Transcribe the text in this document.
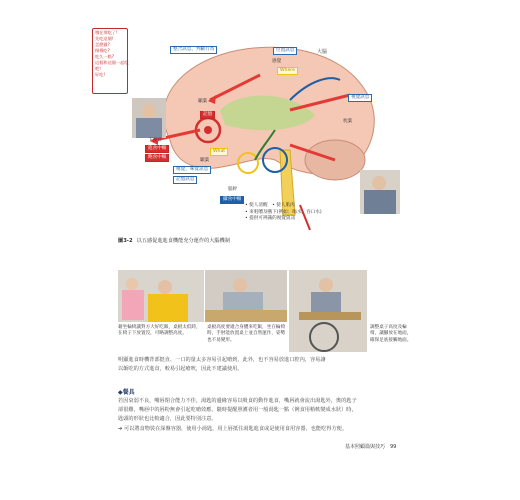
哦在那吃了!
先吃這個!
怎麼做?
慢慢吃?
吃久一點?
這個和這個一起吃
吧!
好吃!
整合訊息、判斷行為	位置訊息	大腦
Where
感覺
視覺訊息
枕葉
顳葉
記憶
下視丘
進食中樞
飽食中樞
嗅覺、味覺訊息
記憶訊息
顳葉
What
腦幹
攝食中樞
• 使人清醒　• 使人肌肉
• 來咀嚼及嚥下(例如：喝水、吞口水)
• 提供可辨識的視覺資訊
圖3-2 以五感促進進食機能充分運作的大腦機制
藉坐輪椅讓對方大好吃飯，桌板太低時，在椅子下放置沒，可略調整高度。
桌板高度要適合身體來吃飯，坐在輪椅時，手肘能放置桌上並自然運作，姿勢也不易變形。
調整桌子高度及輪椅，讓腳放在地面，確保足底接觸地面。
明顯進食時機背部挺直、一口的量太多容易引起嗆到，此外，也不容易放進口腔內，容易讓
以飯吃的方式進食，較易引起嗆咳，因此不建議使用。
◆餐具
若因衰弱不良，嘴唇閉合能力不佳，湯匙的邊緣容易以吸食的動作進食，嘴唇就會流出湯匙外，奧的匙子
卻很難，嘴唇中的唇粉無會引起吃嗆效應，隨時提醒照護者用一般湯匙一點（例食用稍軟變成水狀）時，
匙頭的形狀也比較適合，因此要特別注意。
➔ 可以將食物裝在深盤容器，使用小湯匙，用上唇抵住湯匙進食或是使用食用容器，也能吃得方便。
基本照顧篇與技巧　99
